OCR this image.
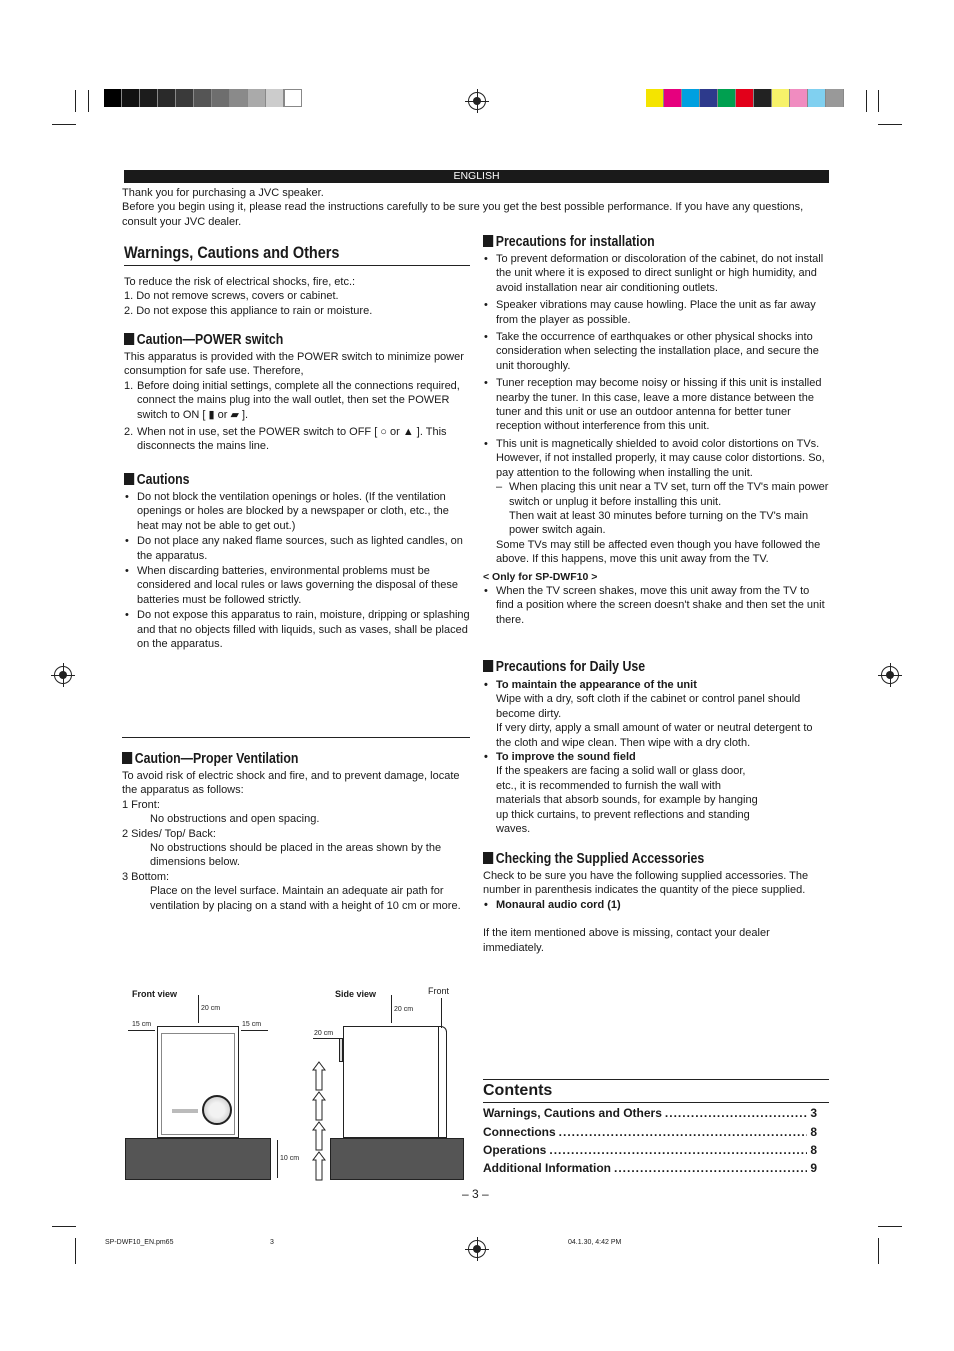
ENGLISH

Thank you for purchasing a JVC speaker.

Before you begin using it, please read the instructions carefully to be sure you get the best possible performance. If you have any questions, consult your JVC dealer.

Warnings, Cautions and Others

To reduce the risk of electrical shocks, fire, etc.:

1. Do not remove screws, covers or cabinet.

2. Do not expose this appliance to rain or moisture.

Caution—POWER switch

This apparatus is provided with the POWER switch to minimize power consumption for safe use. Therefore,

1. Before doing initial settings, complete all the connections required, connect the mains plug into the wall outlet, then set the POWER switch to ON [ ▮ or ▰ ].
2. When not in use, set the POWER switch to OFF [ ○ or ▲ ]. This disconnects the mains line.
Cautions
• Do not block the ventilation openings or holes. (If the ventilation openings or holes are blocked by a newspaper or cloth, etc., the heat may not be able to get out.)
• Do not place any naked flame sources, such as lighted candles, on the apparatus.
• When discarding batteries, environmental problems must be considered and local rules or laws governing the disposal of these batteries must be followed strictly.
• Do not expose this apparatus to rain, moisture, dripping or splashing and that no objects filled with liquids, such as vases, shall be placed on the apparatus.
Caution—Proper Ventilation

To avoid risk of electric shock and fire, and to prevent damage, locate the apparatus as follows:

1 Front:

No obstructions and open spacing.

2 Sides/ Top/ Back:

No obstructions should be placed in the areas shown by the dimensions below.

3 Bottom:

Place on the level surface. Maintain an adequate air path for ventilation by placing on a stand with a height of 10 cm or more.

Front view	Side view	Front
20 cm
15 cm	15 cm
10 cm
20 cm
20 cm
Precautions for installation
• To prevent deformation or discoloration of the cabinet, do not install the unit where it is exposed to direct sunlight or high humidity, and avoid installation near air conditioning outlets.
• Speaker vibrations may cause howling. Place the unit as far away from the player as possible.
• Take the occurrence of earthquakes or other physical shocks into consideration when selecting the installation place, and secure the unit thoroughly.
• Tuner reception may become noisy or hissing if this unit is installed nearby the tuner. In this case, leave a more distance between the tuner and this unit or use an outdoor antenna for better tuner reception without interference from this unit.
• This unit is magnetically shielded to avoid color distortions on TVs. However, if not installed properly, it may cause color distortions. So, pay attention to the following when installing the unit.
– When placing this unit near a TV set, turn off the TV's main power switch or unplug it before installing this unit.

Then wait at least 30 minutes before turning on the TV's main power switch again.

Some TVs may still be affected even though you have followed the above. If this happens, move this unit away from the TV.

< Only for SP-DWF10 >

• When the TV screen shakes, move this unit away from the TV to find a position where the screen doesn't shake and then set the unit there.
Precautions for Daily Use
• To maintain the appearance of the unit

Wipe with a dry, soft cloth if the cabinet or control panel should become dirty.

If very dirty, apply a small amount of water or neutral detergent to the cloth and wipe clean. Then wipe with a dry cloth.

• To improve the sound field

If the speakers are facing a solid wall or glass door, etc., it is recommended to furnish the wall with materials that absorb sounds, for example by hanging up thick curtains, to prevent reflections and standing waves.

Checking the Supplied Accessories

Check to be sure you have the following supplied accessories. The number in parenthesis indicates the quantity of the piece supplied.

• Monaural audio cord (1)

If the item mentioned above is missing, contact your dealer immediately.

Contents
Warnings, Cautions and Others .....	3
Connections .....	8
Operations .....	8
Additional Information .....	9
– 3 –
SP-DWF10_EN.pm65	3	04.1.30, 4:42 PM
